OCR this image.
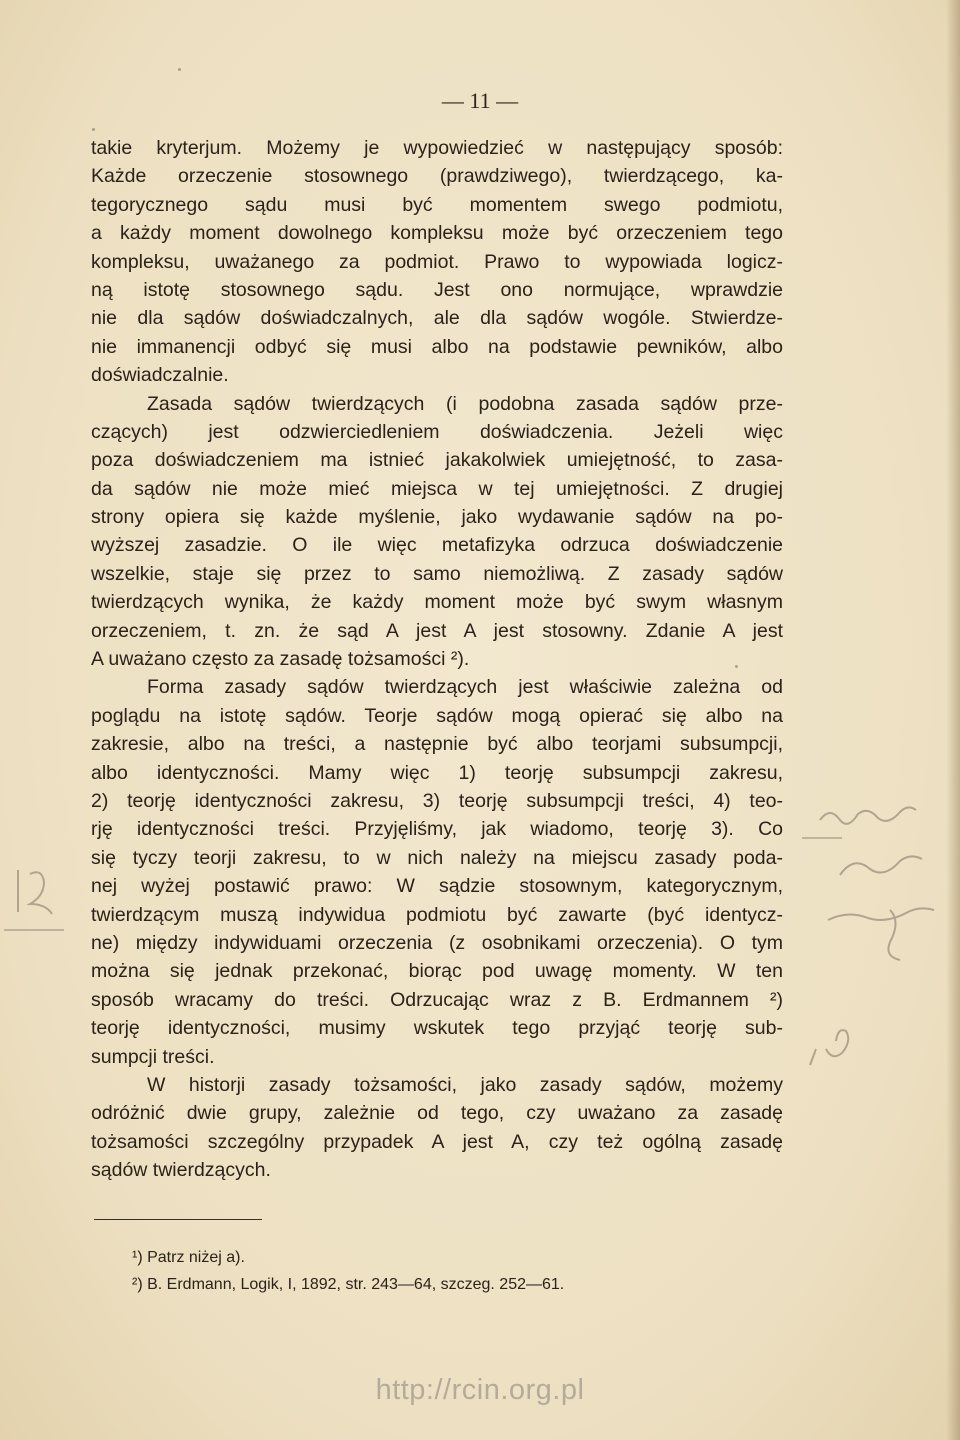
— 11 —
takie kryterjum. Możemy je wypowiedzieć w następujący sposób:
Każde orzeczenie stosownego (prawdziwego), twierdzącego, ka-
tegorycznego sądu musi być momentem swego podmiotu,
a każdy moment dowolnego kompleksu może być orzeczeniem tego
kompleksu, uważanego za podmiot. Prawo to wypowiada logicz-
ną istotę stosownego sądu. Jest ono normujące, wprawdzie
nie dla sądów doświadczalnych, ale dla sądów wogóle. Stwierdze-
nie immanencji odbyć się musi albo na podstawie pewników, albo
doświadczalnie.
Zasada sądów twierdzących (i podobna zasada sądów prze-
czących) jest odzwierciedleniem doświadczenia. Jeżeli więc
poza doświadczeniem ma istnieć jakakolwiek umiejętność, to zasa-
da sądów nie może mieć miejsca w tej umiejętności. Z drugiej
strony opiera się każde myślenie, jako wydawanie sądów na po-
wyższej zasadzie. O ile więc metafizyka odrzuca doświadczenie
wszelkie, staje się przez to samo niemożliwą. Z zasady sądów
twierdzących wynika, że każdy moment może być swym własnym
orzeczeniem, t. zn. że sąd A jest A jest stosowny. Zdanie A jest
A uważano często za zasadę tożsamości ²).
Forma zasady sądów twierdzących jest właściwie zależna od
poglądu na istotę sądów. Teorje sądów mogą opierać się albo na
zakresie, albo na treści, a następnie być albo teorjami subsumpcji,
albo identyczności. Mamy więc 1) teorję subsumpcji zakresu,
2) teorję identyczności zakresu, 3) teorję subsumpcji treści, 4) teo-
rję identyczności treści. Przyjęliśmy, jak wiadomo, teorję 3). Co
się tyczy teorji zakresu, to w nich należy na miejscu zasady poda-
nej wyżej postawić prawo: W sądzie stosownym, kategorycznym,
twierdzącym muszą indywidua podmiotu być zawarte (być identycz-
ne) między indywiduami orzeczenia (z osobnikami orzeczenia). O tym
można się jednak przekonać, biorąc pod uwagę momenty. W ten
sposób wracamy do treści. Odrzucając wraz z B. Erdmannem ²)
teorję identyczności, musimy wskutek tego przyjąć teorję sub-
sumpcji treści.
W historji zasady tożsamości, jako zasady sądów, możemy
odróżnić dwie grupy, zależnie od tego, czy uważano za zasadę
tożsamości szczególny przypadek A jest A, czy też ogólną zasadę
sądów twierdzących.
¹) Patrz niżej a).
²) B. Erdmann, Logik, I, 1892, str. 243—64, szczeg. 252—61.
http://rcin.org.pl
